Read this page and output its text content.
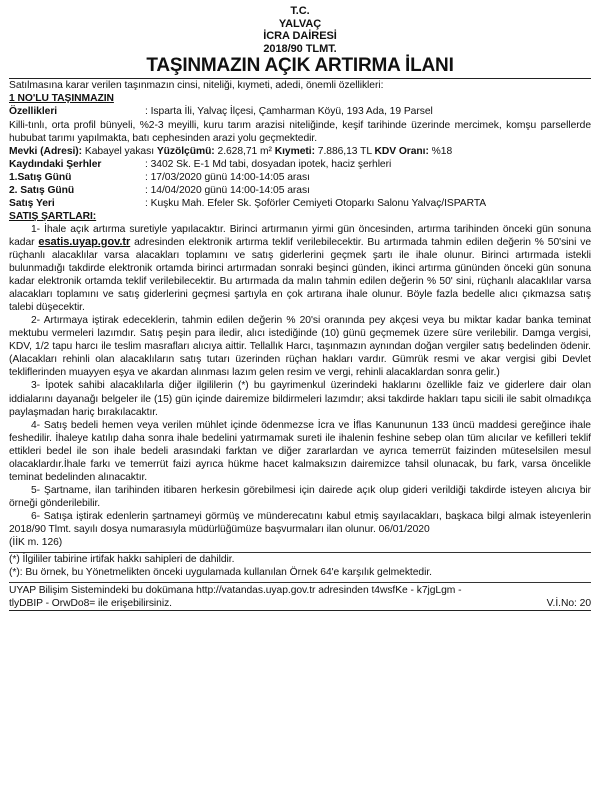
T.C.
YALVAÇ
İCRA DAİRESİ
2018/90 TLMT.
TAŞINMAZIN AÇIK ARTIRMA İLANI

Satılmasına karar verilen taşınmazın cinsi, niteliği, kıymeti, adedi, önemli özellikleri:

1 NO'LU TAŞINMAZIN

Özellikleri	: Isparta İli, Yalvaç İlçesi, Çamharman Köyü, 193 Ada, 19 Parsel

Killi-tınlı, orta profil bünyeli, %2-3 meyilli, kuru tarım arazisi niteliğinde, keşif tarihinde üzerinde mercimek, komşu parsellerde hububat tarımı yapılmakta, batı cephesinden arazi yolu geçmektedir.

Mevki (Adresi): Kabayel yakası Yüzölçümü: 2.628,71 m² Kıymeti: 7.886,13 TL KDV Oranı: %18

Kaydındaki Şerhler	: 3402 Sk. E-1 Md tabi, dosyadan ipotek, haciz şerhleri
1.Satış Günü	: 17/03/2020 günü 14:00-14:05 arası
2. Satış Günü	: 14/04/2020 günü 14:00-14:05 arası
Satış Yeri	: Kuşku Mah. Efeler Sk. Şoförler Cemiyeti Otoparkı Salonu Yalvaç/ISPARTA

SATIŞ ŞARTLARI:

1- İhale açık artırma suretiyle yapılacaktır. Birinci artırmanın yirmi gün öncesinden, artırma tarihinden önceki gün sonuna kadar esatis.uyap.gov.tr adresinden elektronik artırma teklif verilebilecektir. Bu artırmada tahmin edilen değerin % 50'sini ve rüçhanlı alacaklılar varsa alacakları toplamını ve satış giderlerini geçmek şartı ile ihale olunur. Birinci artırmada istekli bulunmadığı takdirde elektronik ortamda birinci artırmadan sonraki beşinci günden, ikinci artırma gününden önceki gün sonuna kadar elektronik ortamda teklif verilebilecektir. Bu artırmada da malın tahmin edilen değerin % 50' sini, rüçhanlı alacaklılar varsa alacakları toplamını ve satış giderlerini geçmesi şartıyla en çok artırana ihale olunur. Böyle fazla bedelle alıcı çıkmazsa satış talebi düşecektir.

2- Artırmaya iştirak edeceklerin, tahmin edilen değerin % 20'si oranında pey akçesi veya bu miktar kadar banka teminat mektubu vermeleri lazımdır. Satış peşin para iledir, alıcı istediğinde (10) günü geçmemek üzere süre verilebilir. Damga vergisi, KDV, 1/2 tapu harcı ile teslim masrafları alıcıya aittir. Tellallık Harcı, taşınmazın aynından doğan vergiler satış bedelinden ödenir. (Alacakları rehinli olan alacaklıların satış tutarı üzerinden rüçhan hakları vardır. Gümrük resmi ve akar vergisi gibi Devlet tekliflerinden muayyen eşya ve akardan alınması lazım gelen resim ve vergi, rehinli alacaklardan sonra gelir.)

3- İpotek sahibi alacaklılarla diğer ilgililerin (*) bu gayrimenkul üzerindeki haklarını özellikle faiz ve giderlere dair olan iddialarını dayanağı belgeler ile (15) gün içinde dairemize bildirmeleri lazımdır; aksi takdirde hakları tapu sicili ile sabit olmadıkça paylaşmadan hariç bırakılacaktır.

4- Satış bedeli hemen veya verilen mühlet içinde ödenmezse İcra ve İflas Kanununun 133 üncü maddesi gereğince ihale feshedilir. İhaleye katılıp daha sonra ihale bedelini yatırmamak sureti ile ihalenin feshine sebep olan tüm alıcılar ve kefilleri teklif ettikleri bedel ile son ihale bedeli arasındaki farktan ve diğer zararlardan ve ayrıca temerrüt faizinden müteselsilen mesul olacaklardır.İhale farkı ve temerrüt faizi ayrıca hükme hacet kalmaksızın dairemizce tahsil olunacak, bu fark, varsa öncelikle teminat bedelinden alınacaktır.

5- Şartname, ilan tarihinden itibaren herkesin görebilmesi için dairede açık olup gideri verildiği takdirde isteyen alıcıya bir örneği gönderilebilir.

6- Satışa iştirak edenlerin şartnameyi görmüş ve münderecatını kabul etmiş sayılacakları, başkaca bilgi almak isteyenlerin 2018/90 Tlmt. sayılı dosya numarasıyla müdürlüğümüze başvurmaları ilan olunur. 06/01/2020

(İİK m. 126)

(*) İlgililer tabirine irtifak hakkı sahipleri de dahildir.

(*): Bu örnek, bu Yönetmelikten önceki uygulamada kullanılan Örnek 64'e karşılık gelmektedir.

UYAP Bilişim Sistemindeki bu dokümana http://vatandas.uyap.gov.tr adresinden t4wsfKe - k7jgLgm -

tlyDBIP - OrwDo8= ile erişebilirsiniz.	V.İ.No: 20
